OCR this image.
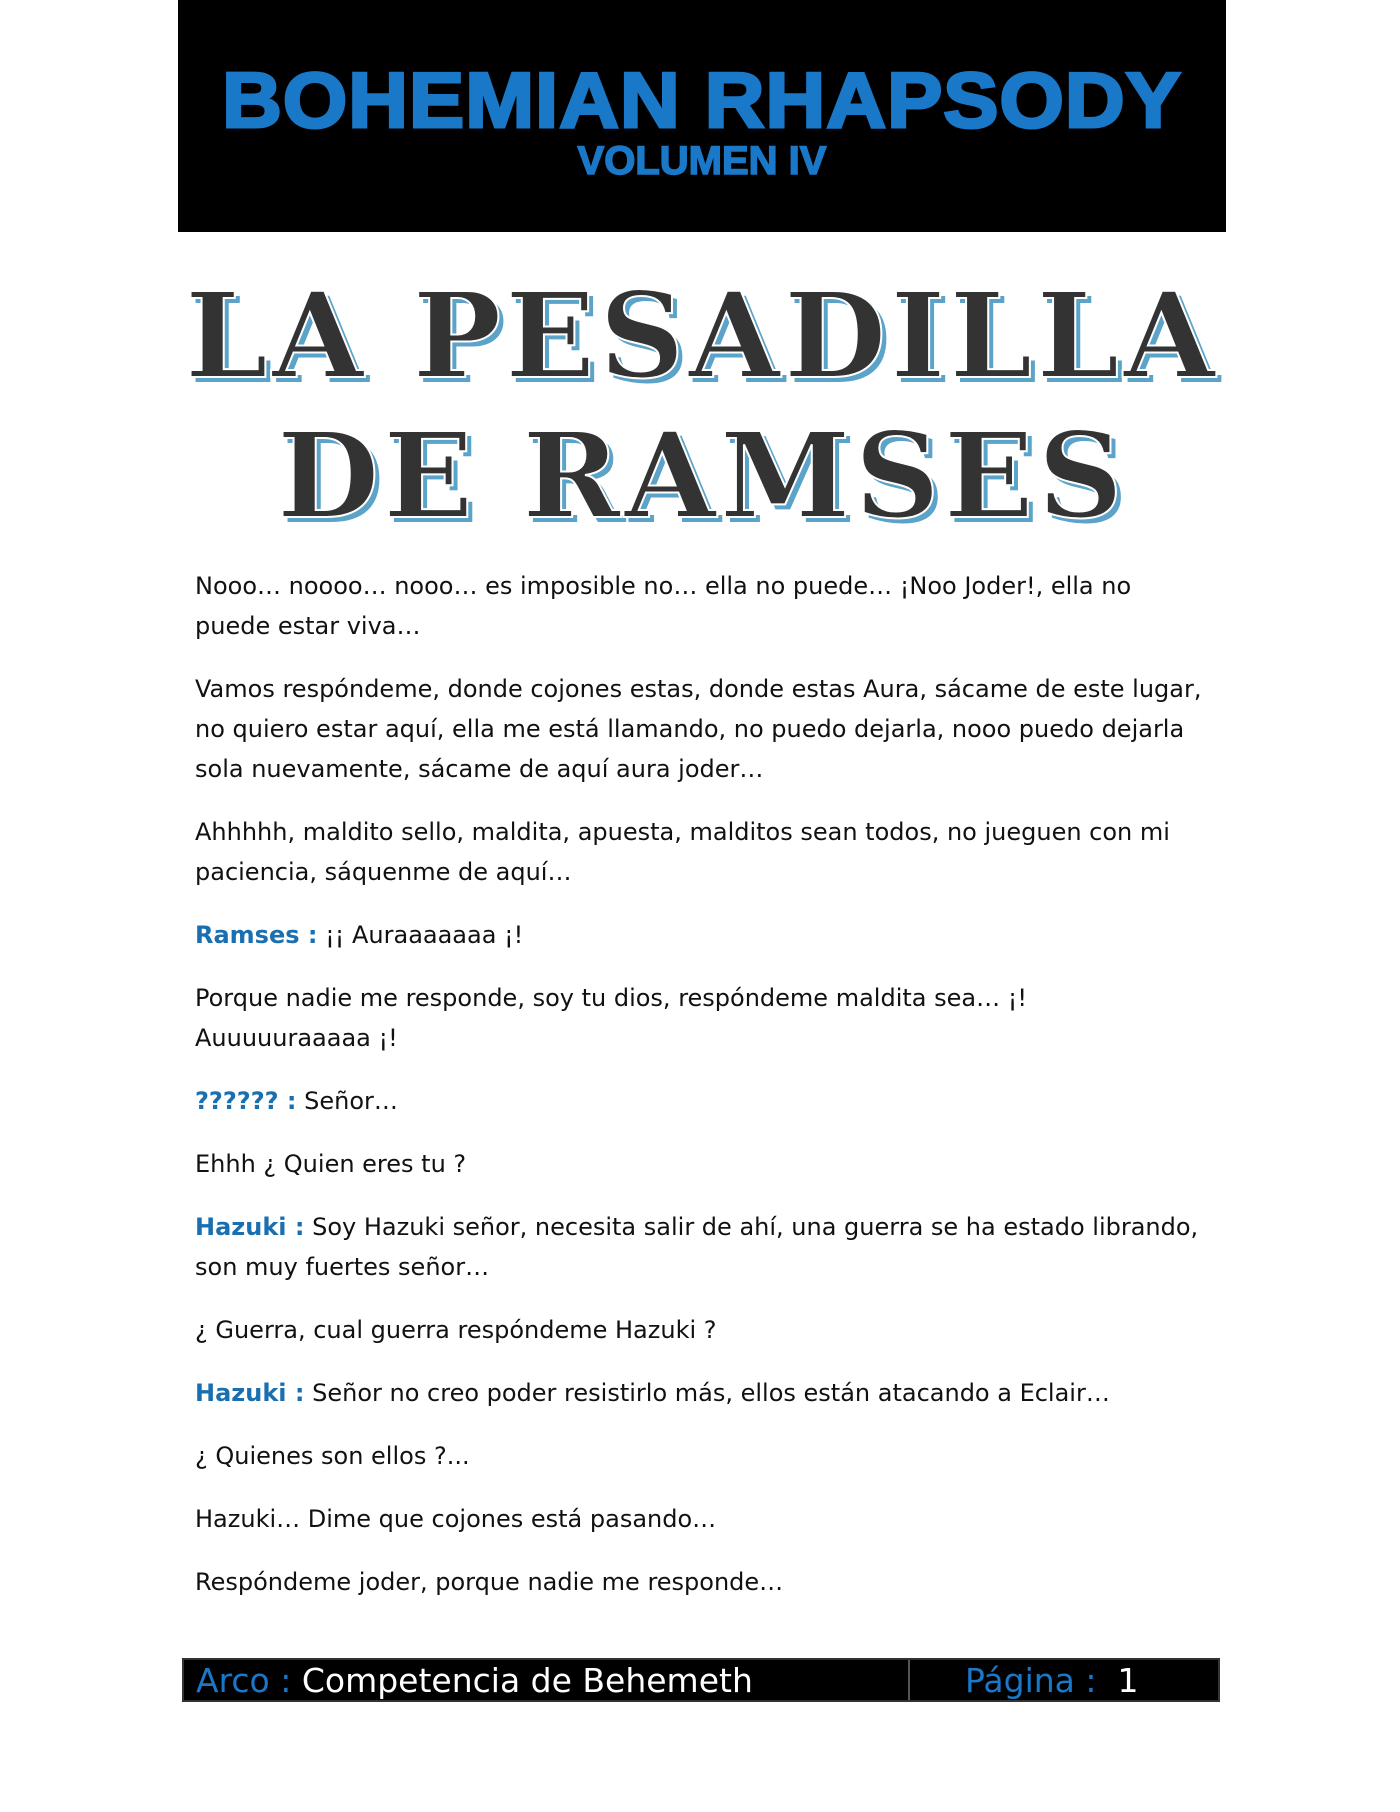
BOHEMIAN RHAPSODY
VOLUMEN IV
LA PESADILLA
DE RAMSES

Nooo… noooo… nooo… es imposible no… ella no puede… ¡Noo Joder!, ella no puede estar viva…

Vamos respóndeme, donde cojones estas, donde estas Aura, sácame de este lugar, no quiero estar aquí, ella me está llamando, no puedo dejarla, nooo puedo dejarla sola nuevamente, sácame de aquí aura joder…

Ahhhhh, maldito sello, maldita, apuesta, malditos sean todos, no jueguen con mi paciencia, sáquenme de aquí…

Ramses : ¡¡ Auraaaaaaa ¡!

Porque nadie me responde, soy tu dios, respóndeme maldita sea… ¡! Auuuuuraaaaa ¡!

?????? : Señor…

Ehhh ¿ Quien eres tu ?

Hazuki : Soy Hazuki señor, necesita salir de ahí, una guerra se ha estado librando, son muy fuertes señor…

¿ Guerra, cual guerra respóndeme Hazuki ?

Hazuki : Señor no creo poder resistirlo más, ellos están atacando a Eclair…

¿ Quienes son ellos ?...

Hazuki… Dime que cojones está pasando…

Respóndeme joder, porque nadie me responde…

Arco : Competencia de Behemeth	Página : 1
